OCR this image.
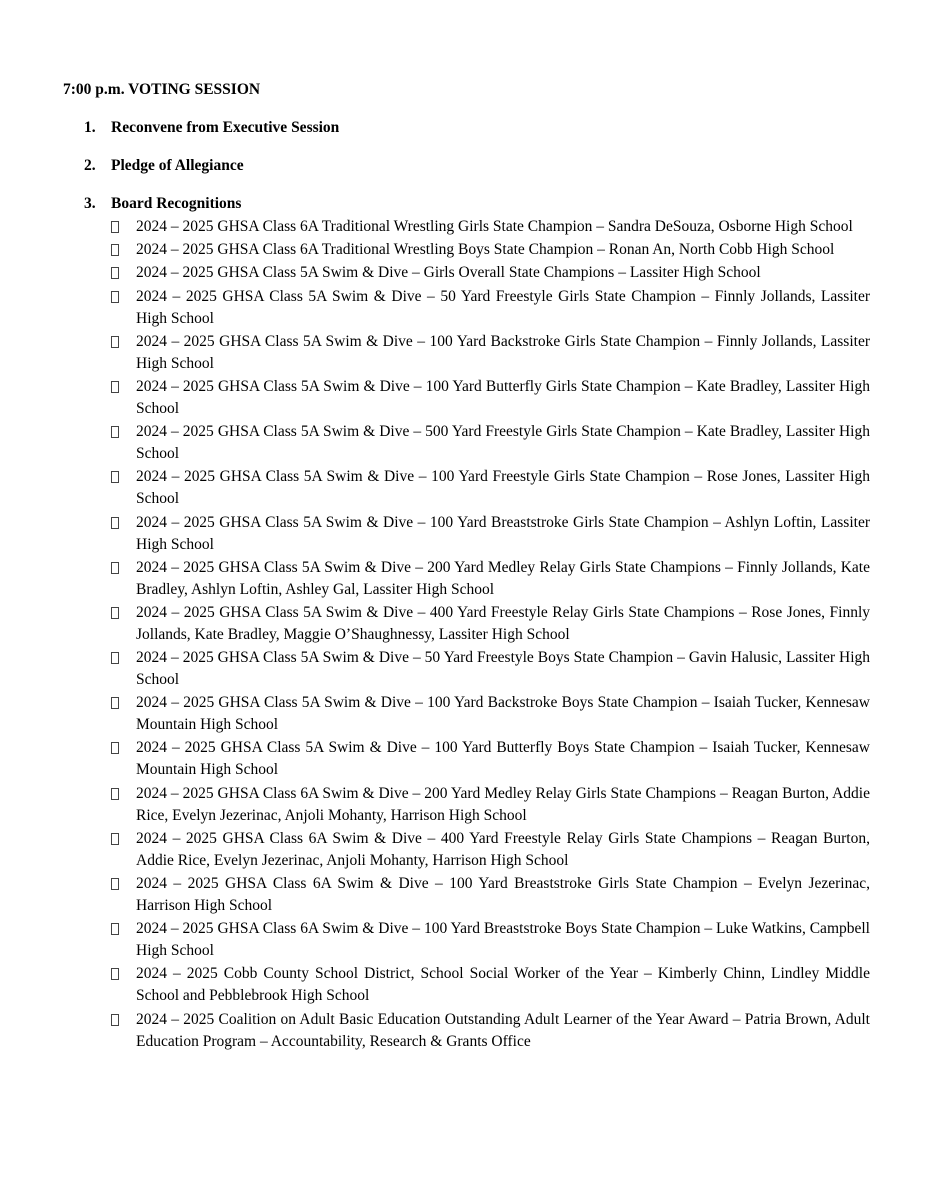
7:00 p.m. VOTING SESSION
1. Reconvene from Executive Session
2. Pledge of Allegiance
3. Board Recognitions
2024 – 2025 GHSA Class 6A Traditional Wrestling Girls State Champion – Sandra DeSouza, Osborne High School
2024 – 2025 GHSA Class 6A Traditional Wrestling Boys State Champion – Ronan An, North Cobb High School
2024 – 2025 GHSA Class 5A Swim & Dive – Girls Overall State Champions – Lassiter High School
2024 – 2025 GHSA Class 5A Swim & Dive – 50 Yard Freestyle Girls State Champion – Finnly Jollands, Lassiter High School
2024 – 2025 GHSA Class 5A Swim & Dive – 100 Yard Backstroke Girls State Champion – Finnly Jollands, Lassiter High School
2024 – 2025 GHSA Class 5A Swim & Dive – 100 Yard Butterfly Girls State Champion – Kate Bradley, Lassiter High School
2024 – 2025 GHSA Class 5A Swim & Dive – 500 Yard Freestyle Girls State Champion – Kate Bradley, Lassiter High School
2024 – 2025 GHSA Class 5A Swim & Dive – 100 Yard Freestyle Girls State Champion – Rose Jones, Lassiter High School
2024 – 2025 GHSA Class 5A Swim & Dive – 100 Yard Breaststroke Girls State Champion – Ashlyn Loftin, Lassiter High School
2024 – 2025 GHSA Class 5A Swim & Dive – 200 Yard Medley Relay Girls State Champions – Finnly Jollands, Kate Bradley, Ashlyn Loftin, Ashley Gal, Lassiter High School
2024 – 2025 GHSA Class 5A Swim & Dive – 400 Yard Freestyle Relay Girls State Champions – Rose Jones, Finnly Jollands, Kate Bradley, Maggie O’Shaughnessy, Lassiter High School
2024 – 2025 GHSA Class 5A Swim & Dive – 50 Yard Freestyle Boys State Champion – Gavin Halusic, Lassiter High School
2024 – 2025 GHSA Class 5A Swim & Dive – 100 Yard Backstroke Boys State Champion – Isaiah Tucker, Kennesaw Mountain High School
2024 – 2025 GHSA Class 5A Swim & Dive – 100 Yard Butterfly Boys State Champion – Isaiah Tucker, Kennesaw Mountain High School
2024 – 2025 GHSA Class 6A Swim & Dive – 200 Yard Medley Relay Girls State Champions – Reagan Burton, Addie Rice, Evelyn Jezerinac, Anjoli Mohanty, Harrison High School
2024 – 2025 GHSA Class 6A Swim & Dive – 400 Yard Freestyle Relay Girls State Champions – Reagan Burton, Addie Rice, Evelyn Jezerinac, Anjoli Mohanty, Harrison High School
2024 – 2025 GHSA Class 6A Swim & Dive – 100 Yard Breaststroke Girls State Champion – Evelyn Jezerinac, Harrison High School
2024 – 2025 GHSA Class 6A Swim & Dive – 100 Yard Breaststroke Boys State Champion – Luke Watkins, Campbell High School
2024 – 2025 Cobb County School District, School Social Worker of the Year – Kimberly Chinn, Lindley Middle School and Pebblebrook High School
2024 – 2025 Coalition on Adult Basic Education Outstanding Adult Learner of the Year Award – Patria Brown, Adult Education Program – Accountability, Research & Grants Office
